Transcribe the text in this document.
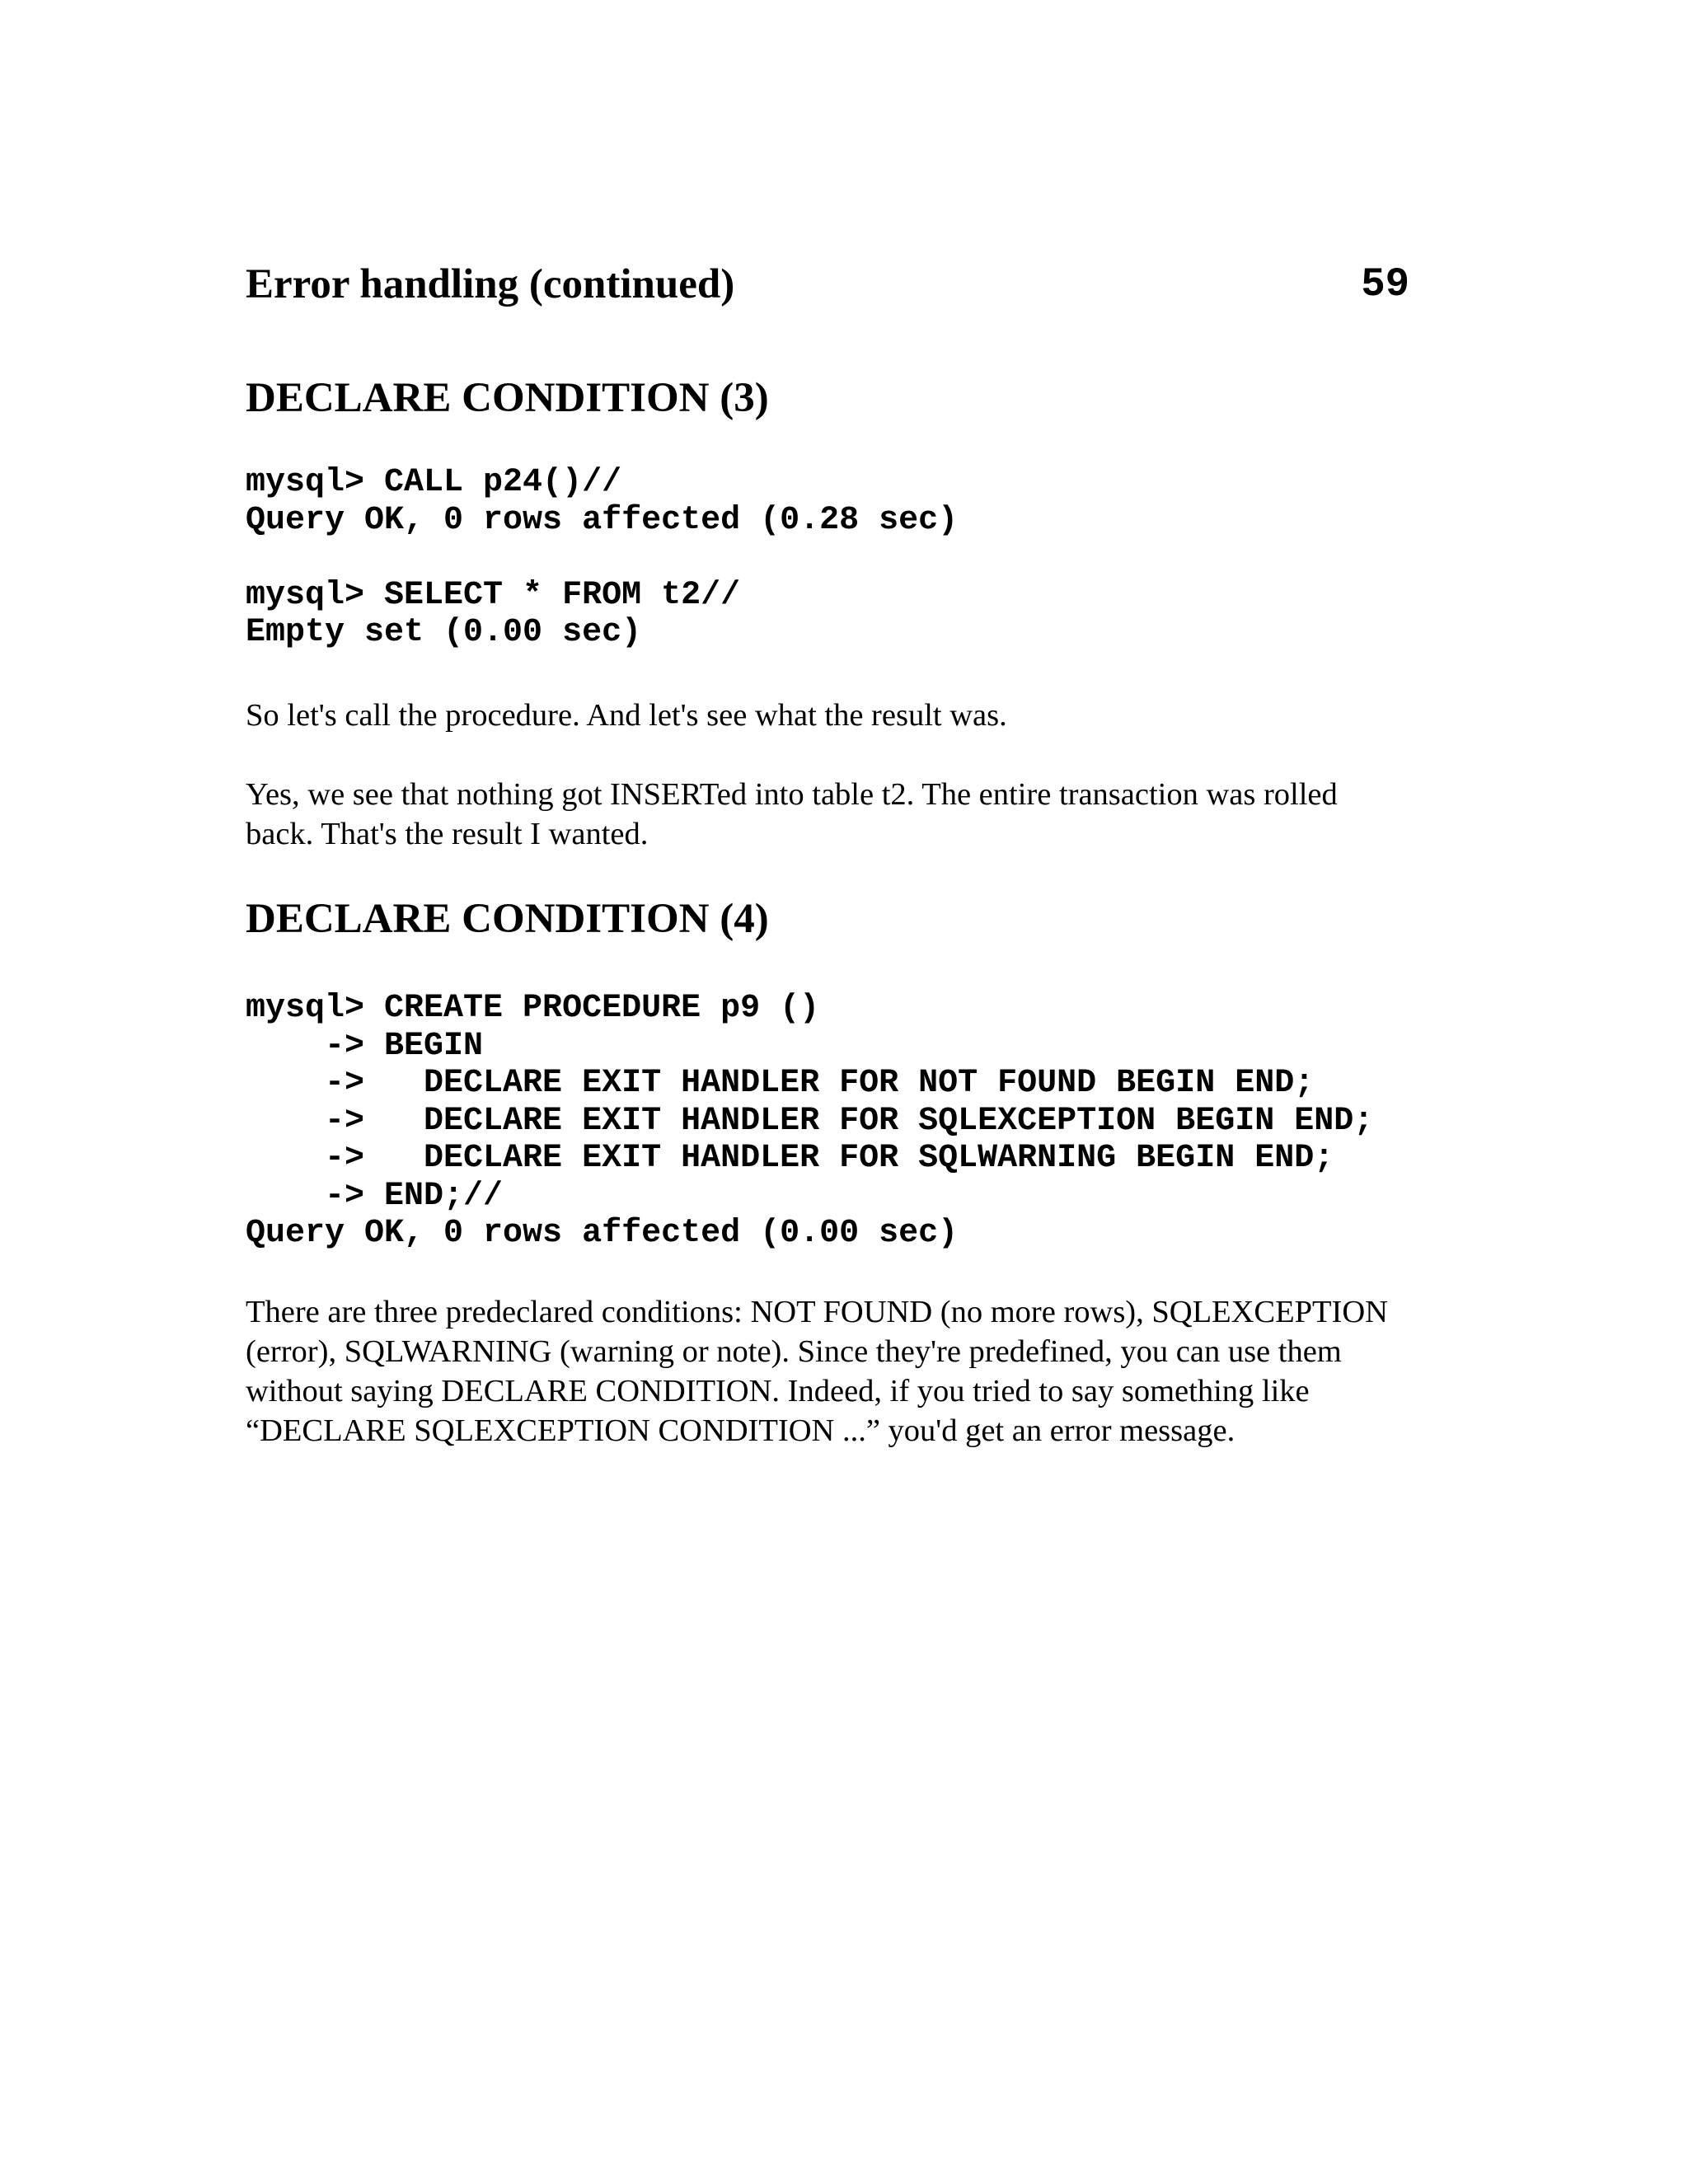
Error handling (continued)	59
DECLARE CONDITION (3)
mysql> CALL p24()//
Query OK, 0 rows affected (0.28 sec)
mysql> SELECT * FROM t2//
Empty set (0.00 sec)

So let's call the procedure. And let's see what the result was.

Yes, we see that nothing got INSERTed into table t2. The entire transaction was rolled
back. That's the result I wanted.

DECLARE CONDITION (4)
mysql> CREATE PROCEDURE p9 ()
-> BEGIN
->   DECLARE EXIT HANDLER FOR NOT FOUND BEGIN END;
->   DECLARE EXIT HANDLER FOR SQLEXCEPTION BEGIN END;
->   DECLARE EXIT HANDLER FOR SQLWARNING BEGIN END;
-> END;//
Query OK, 0 rows affected (0.00 sec)

There are three predeclared conditions: NOT FOUND (no more rows), SQLEXCEPTION
(error), SQLWARNING (warning or note). Since they're predefined, you can use them
without saying DECLARE CONDITION. Indeed, if you tried to say something like
“DECLARE SQLEXCEPTION CONDITION ...” you'd get an error message.
